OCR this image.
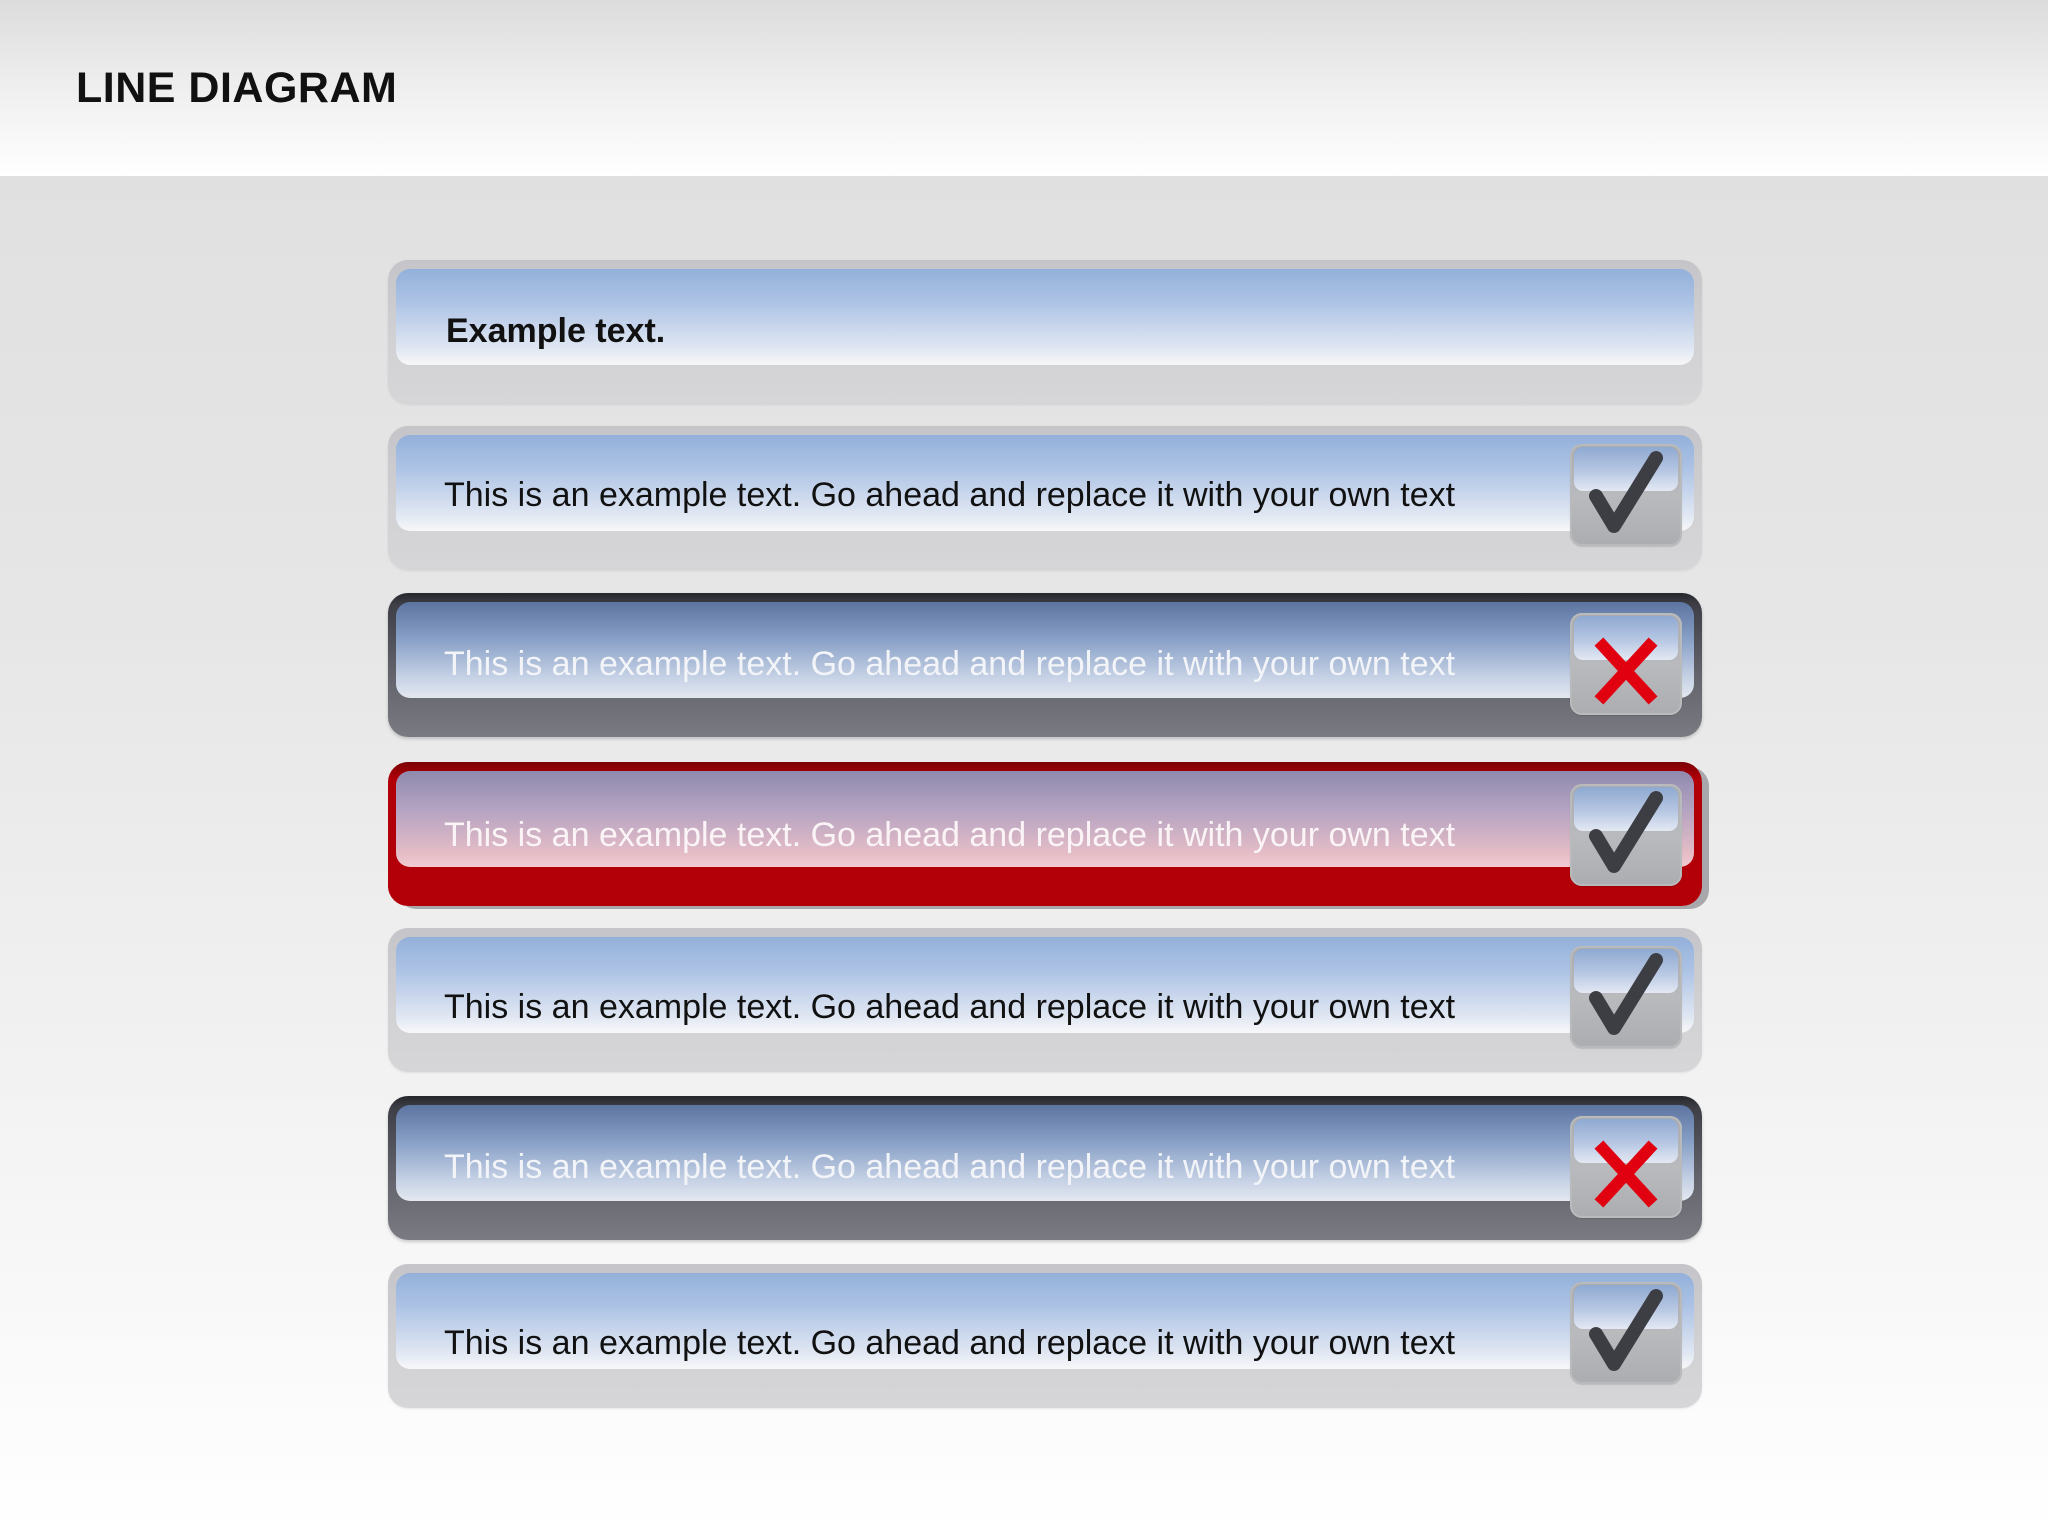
LINE DIAGRAM
Example text.
This is an example text. Go ahead and replace it with your own text
This is an example text. Go ahead and replace it with your own text
This is an example text. Go ahead and replace it with your own text
This is an example text. Go ahead and replace it with your own text
This is an example text. Go ahead and replace it with your own text
This is an example text. Go ahead and replace it with your own text
